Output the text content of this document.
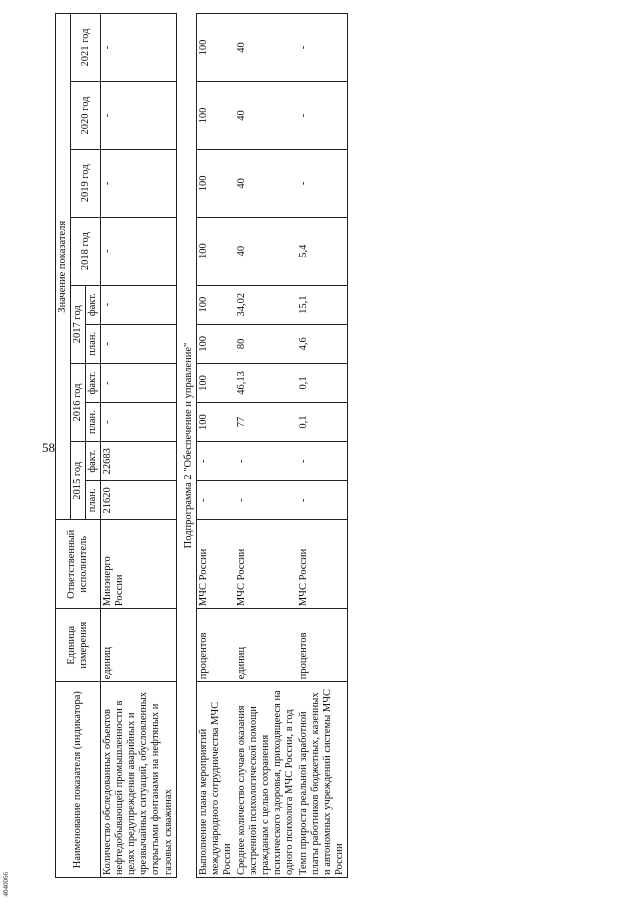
58
4040066
Наименование показателя (индикатора)	Единица измерения	Ответственный исполнитель	Значение показателя									
			2015 год		2016 год		2017 год		2018 год	2019 год	2020 год	2021 год
			план.	факт.	план.	факт.	план.	факт.				
Количество обследованных объектов нефтедобывающей промышленности в целях предупреждения аварийных и чрезвычайных ситуаций, обусловленных открытыми фонтанами на нефтяных и газовых скважинах	единиц	Минэнерго России	21620	22683	-	-	-	-	-	-	-	-
Подпрограмма 2 "Обеспечение и управление"												
Выполнение плана мероприятий международного сотрудничества МЧС России	процентов	МЧС России	-	-	100	100	100	100	100	100	100	100
Среднее количество случаев оказания экстренной психологической помощи гражданам с целью сохранения психического здоровья, приходящееся на одного психолога МЧС России, в год	единиц	МЧС России	-	-	77	46,13	80	34,02	40	40	40	40
Темп прироста реальной заработной платы работников бюджетных, казенных и автономных учреждений системы МЧС России	процентов	МЧС России	-	-	0,1	0,1	4,6	15,1	5,4	-	-	-
